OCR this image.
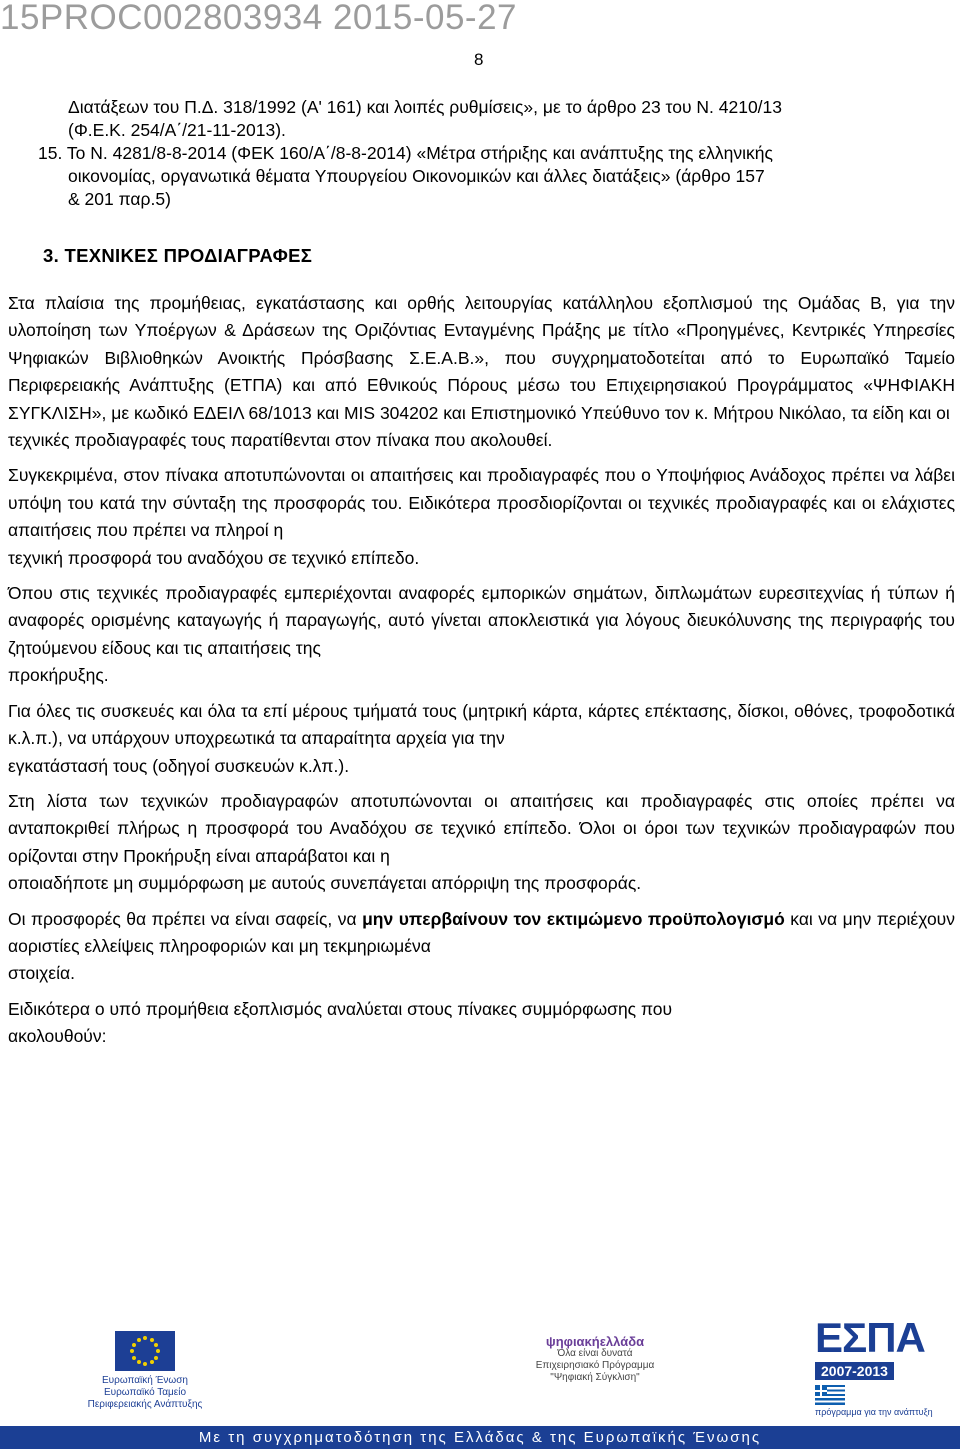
15PROC002803934 2015-05-27
8

Διατάξεων του Π.Δ. 318/1992 (Α' 161) και λοιπές ρυθμίσεις», με το άρθρο 23 του Ν. 4210/13

(Φ.Ε.Κ. 254/Α΄/21-11-2013).

15. Το Ν. 4281/8-8-2014 (ΦΕΚ 160/Α΄/8-8-2014) «Μέτρα στήριξης και ανάπτυξης της ελληνικής

οικονομίας, οργανωτικά θέματα Υπουργείου Οικονομικών και άλλες διατάξεις» (άρθρο 157

& 201 παρ.5)

3. ΤΕΧΝΙΚΕΣ ΠΡΟΔΙΑΓΡΑΦΕΣ

Στα πλαίσια της προμήθειας, εγκατάστασης και ορθής λειτουργίας κατάλληλου εξοπλισμού της Ομάδας Β, για την υλοποίηση των Υποέργων & Δράσεων της Οριζόντιας Ενταγμένης Πράξης με τίτλο «Προηγμένες, Κεντρικές Υπηρεσίες Ψηφιακών Βιβλιοθηκών Ανοικτής Πρόσβασης Σ.Ε.Α.Β.», που συγχρηματοδοτείται από το Ευρωπαϊκό Ταμείο Περιφερειακής Ανάπτυξης (ΕΤΠΑ) και από Εθνικούς Πόρους μέσω του Επιχειρησιακού Προγράμματος «ΨΗΦΙΑΚΗ ΣΥΓΚΛΙΣΗ», με κωδικό ΕΔΕΙΛ 68/1013 και MIS 304202 και Επιστημονικό Υπεύθυνο τον κ. Μήτρου Νικόλαο, τα είδη και οι
τεχνικές προδιαγραφές τους παρατίθενται στον πίνακα που ακολουθεί.

Συγκεκριμένα, στον πίνακα αποτυπώνονται οι απαιτήσεις και προδιαγραφές που ο Υποψήφιος Ανάδοχος πρέπει να λάβει υπόψη του κατά την σύνταξη της προσφοράς του. Ειδικότερα προσδιορίζονται οι τεχνικές προδιαγραφές και οι ελάχιστες απαιτήσεις που πρέπει να πληροί η
τεχνική προσφορά του αναδόχου σε τεχνικό επίπεδο.

Όπου στις τεχνικές προδιαγραφές εμπεριέχονται αναφορές εμπορικών σημάτων, διπλωμάτων ευρεσιτεχνίας ή τύπων ή αναφορές ορισμένης καταγωγής ή παραγωγής, αυτό γίνεται αποκλειστικά για λόγους διευκόλυνσης της περιγραφής του ζητούμενου είδους και τις απαιτήσεις της
προκήρυξης.

Για όλες τις συσκευές και όλα τα επί μέρους τμήματά τους (μητρική κάρτα, κάρτες επέκτασης, δίσκοι, οθόνες, τροφοδοτικά κ.λ.π.), να υπάρχουν υποχρεωτικά τα απαραίτητα αρχεία για την
εγκατάστασή τους (οδηγοί συσκευών κ.λπ.).

Στη λίστα των τεχνικών προδιαγραφών αποτυπώνονται οι απαιτήσεις και προδιαγραφές στις οποίες πρέπει να ανταποκριθεί πλήρως η προσφορά του Αναδόχου σε τεχνικό επίπεδο. Όλοι οι όροι των τεχνικών προδιαγραφών που ορίζονται στην Προκήρυξη είναι απαράβατοι και η
οποιαδήποτε μη συμμόρφωση με αυτούς συνεπάγεται απόρριψη της προσφοράς.

Οι προσφορές θα πρέπει να είναι σαφείς, να μην υπερβαίνουν τον εκτιμώμενο προϋπολογισμό και να μην περιέχουν αοριστίες ελλείψεις πληροφοριών και μη τεκμηριωμένα
στοιχεία.

Ειδικότερα ο υπό προμήθεια εξοπλισμός αναλύεται στους πίνακες συμμόρφωσης που
ακολουθούν:

Ευρωπαϊκή Ένωση
Ευρωπαϊκό Ταμείο
Περιφερειακής Ανάπτυξης
ψηφιακήελλάδα
Όλα είναι δυνατά
Επιχειρησιακό Πρόγραμμα
"Ψηφιακή Σύγκλιση"
ΕΣΠΑ
2007-2013
πρόγραμμα για την ανάπτυξη
Με τη συγχρηματοδότηση της Ελλάδας & της Ευρωπαϊκής Ένωσης
